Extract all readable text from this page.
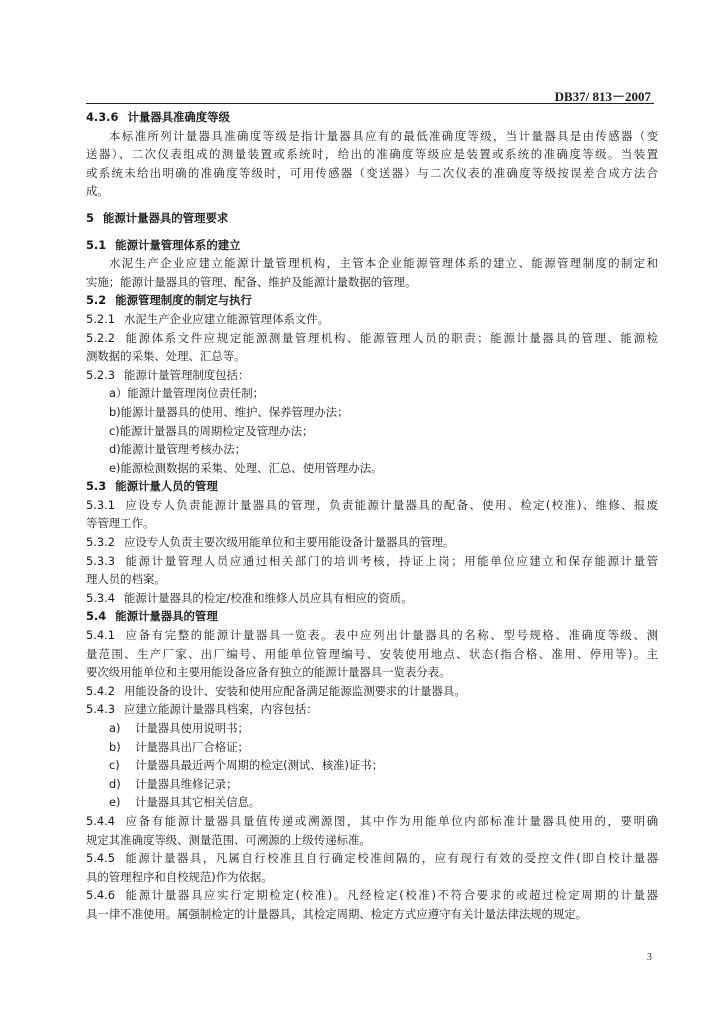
DB37/ 813－2007

4.3.6 计量器具准确度等级

本标准所列计量器具准确度等级是指计量器具应有的最低准确度等级，当计量器具是由传感器（变

送器）、二次仪表组成的测量装置或系统时，给出的准确度等级应是装置或系统的准确度等级。当装置

或系统未给出明确的准确度等级时，可用传感器（变送器）与二次仪表的准确度等级按误差合成方法合

成。

5 能源计量器具的管理要求

5.1 能源计量管理体系的建立

水泥生产企业应建立能源计量管理机构，主管本企业能源管理体系的建立、能源管理制度的制定和

实施；能源计量器具的管理、配备、维护及能源计量数据的管理。

5.2 能源管理制度的制定与执行

5.2.1 水泥生产企业应建立能源管理体系文件。

5.2.2 能源体系文件应规定能源测量管理机构、能源管理人员的职责；能源计量器具的管理、能源检

测数据的采集、处理、汇总等。

5.2.3 能源计量管理制度包括：

a）能源计量管理岗位责任制；

b)能源计量器具的使用、维护、保养管理办法；

c)能源计量器具的周期检定及管理办法；

d)能源计量管理考核办法；

e)能源检测数据的采集、处理、汇总、使用管理办法。

5.3 能源计量人员的管理

5.3.1 应设专人负责能源计量器具的管理，负责能源计量器具的配备、使用、检定(校准)、维修、报废

等管理工作。

5.3.2 应设专人负责主要次级用能单位和主要用能设备计量器具的管理。

5.3.3 能源计量管理人员应通过相关部门的培训考核，持证上岗；用能单位应建立和保存能源计量管

理人员的档案。

5.3.4 能源计量器具的检定/校准和维修人员应具有相应的资质。

5.4 能源计量器具的管理

5.4.1 应备有完整的能源计量器具一览表。表中应列出计量器具的名称、型号规格、准确度等级、测

量范围、生产厂家、出厂编号、用能单位管理编号、安装使用地点、状态(指合格、准用、停用等)。主

要次级用能单位和主要用能设备应备有独立的能源计量器具一览表分表。

5.4.2 用能设备的设计、安装和使用应配备满足能源监测要求的计量器具。

5.4.3 应建立能源计量器具档案，内容包括：

a) 计量器具使用说明书；

b) 计量器具出厂合格证；

c) 计量器具最近两个周期的检定(测试、核准)证书；

d) 计量器具维修记录；

e) 计量器具其它相关信息。

5.4.4 应备有能源计量器具量值传递或溯源图，其中作为用能单位内部标准计量器具使用的，要明确

规定其准确度等级、测量范围、可溯源的上级传递标准。

5.4.5 能源计量器具，凡属自行校准且自行确定校准间隔的，应有现行有效的受控文件(即自校计量器

具的管理程序和自校规范)作为依据。

5.4.6 能源计量器具应实行定期检定(校准)。凡经检定(校准)不符合要求的或超过检定周期的计量器

具一律不准使用。属强制检定的计量器具，其检定周期、检定方式应遵守有关计量法律法规的规定。

3
